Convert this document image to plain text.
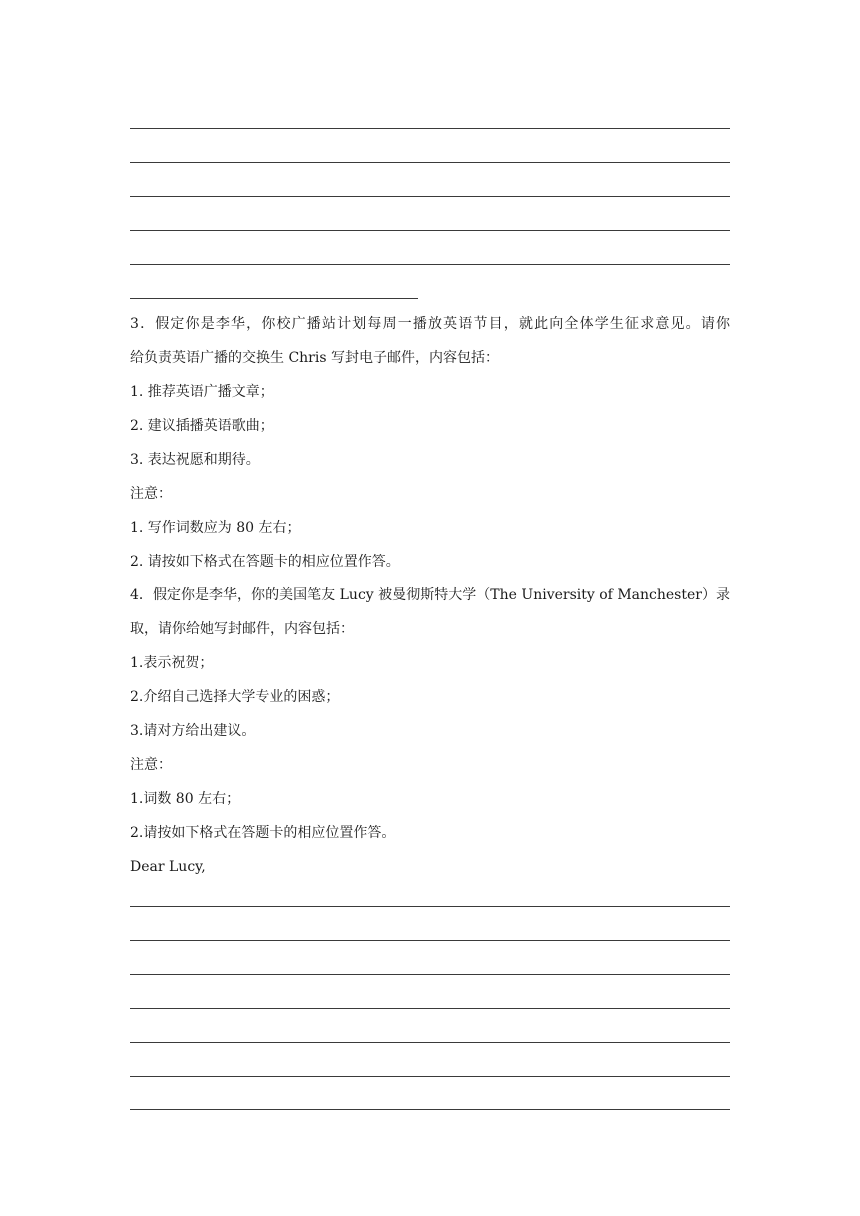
3．假定你是李华，你校广播站计划每周一播放英语节目，就此向全体学生征求意见。请你
给负责英语广播的交换生 Chris 写封电子邮件，内容包括：
1. 推荐英语广播文章；
2. 建议插播英语歌曲；
3. 表达祝愿和期待。
注意：
1. 写作词数应为 80 左右；
2. 请按如下格式在答题卡的相应位置作答。
4．假定你是李华，你的美国笔友 Lucy 被曼彻斯特大学（The University of Manchester）录
取，请你给她写封邮件，内容包括：
1.表示祝贺；
2.介绍自己选择大学专业的困惑；
3.请对方给出建议。
注意：
1.词数 80 左右；
2.请按如下格式在答题卡的相应位置作答。
Dear Lucy,
